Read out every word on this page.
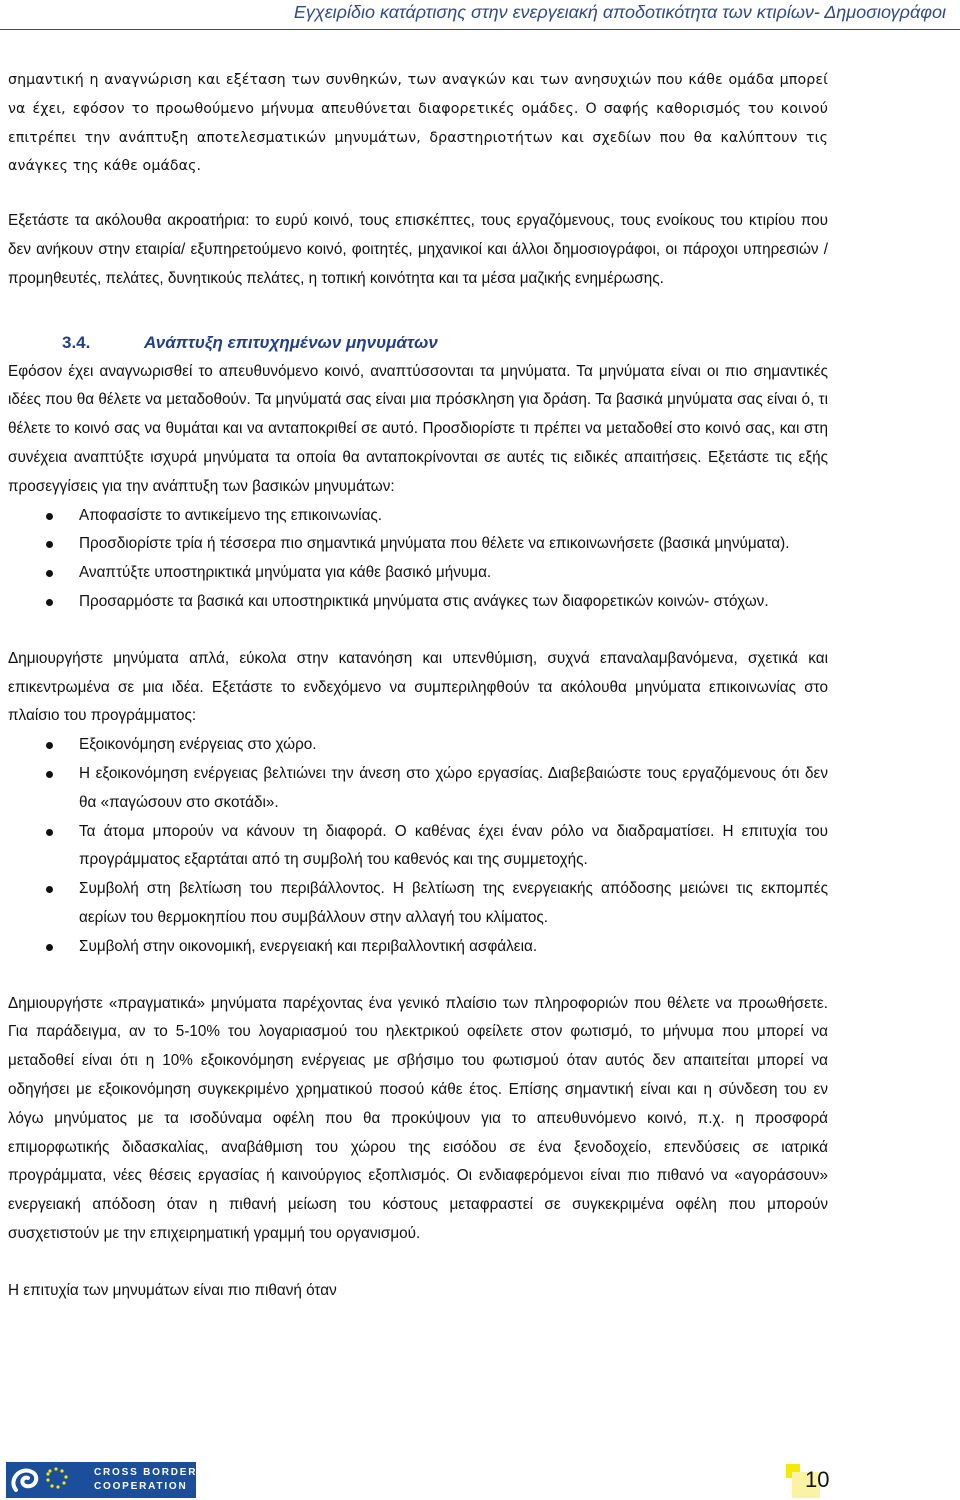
Εγχειρίδιο κατάρτισης στην ενεργειακή αποδοτικότητα των κτιρίων- Δημοσιογράφοι

σημαντική η αναγνώριση και εξέταση των συνθηκών, των αναγκών και των ανησυχιών που κάθε ομάδα μπορεί να έχει, εφόσον το προωθούμενο μήνυμα απευθύνεται διαφορετικές ομάδες. Ο σαφής καθορισμός του κοινού επιτρέπει την ανάπτυξη αποτελεσματικών μηνυμάτων, δραστηριοτήτων και σχεδίων που θα καλύπτουν τις ανάγκες της κάθε ομάδας.

Εξετάστε τα ακόλουθα ακροατήρια: το ευρύ κοινό, τους επισκέπτες, τους εργαζόμενους, τους ενοίκους του κτιρίου που δεν ανήκουν στην εταιρία/ εξυπηρετούμενο κοινό, φοιτητές, μηχανικοί και άλλοι δημοσιογράφοι, οι πάροχοι υπηρεσιών / προμηθευτές, πελάτες, δυνητικούς πελάτες, η τοπική κοινότητα και τα μέσα μαζικής ενημέρωσης.

3.4.	Ανάπτυξη επιτυχημένων μηνυμάτων

Εφόσον έχει αναγνωρισθεί το απευθυνόμενο κοινό, αναπτύσσονται τα μηνύματα. Τα μηνύματα είναι οι πιο σημαντικές ιδέες που θα θέλετε να μεταδοθούν. Τα μηνύματά σας είναι μια πρόσκληση για δράση. Τα βασικά μηνύματα σας είναι ό, τι θέλετε το κοινό σας να θυμάται και να ανταποκριθεί σε αυτό. Προσδιορίστε τι πρέπει να μεταδοθεί στο κοινό σας, και στη συνέχεια αναπτύξτε ισχυρά μηνύματα τα οποία θα ανταποκρίνονται σε αυτές τις ειδικές απαιτήσεις. Εξετάστε τις εξής προσεγγίσεις για την ανάπτυξη των βασικών μηνυμάτων:

Αποφασίστε το αντικείμενο της επικοινωνίας.
Προσδιορίστε τρία ή τέσσερα πιο σημαντικά μηνύματα που θέλετε να επικοινωνήσετε (βασικά μηνύματα).
Αναπτύξτε υποστηρικτικά μηνύματα για κάθε βασικό μήνυμα.
Προσαρμόστε τα βασικά και υποστηρικτικά μηνύματα στις ανάγκες των διαφορετικών κοινών- στόχων.

Δημιουργήστε μηνύματα απλά, εύκολα στην κατανόηση και υπενθύμιση, συχνά επαναλαμβανόμενα, σχετικά και επικεντρωμένα σε μια ιδέα. Εξετάστε το ενδεχόμενο να συμπεριληφθούν τα ακόλουθα μηνύματα επικοινωνίας στο πλαίσιο του προγράμματος:

Εξοικονόμηση ενέργειας στο χώρο.
Η εξοικονόμηση ενέργειας βελτιώνει την άνεση στο χώρο εργασίας. Διαβεβαιώστε τους εργαζόμενους ότι δεν θα «παγώσουν στο σκοτάδι».
Τα άτομα μπορούν να κάνουν τη διαφορά. Ο καθένας έχει έναν ρόλο να διαδραματίσει. Η επιτυχία του προγράμματος εξαρτάται από τη συμβολή του καθενός και της συμμετοχής.
Συμβολή στη βελτίωση του περιβάλλοντος. Η βελτίωση της ενεργειακής απόδοσης μειώνει τις εκπομπές αερίων του θερμοκηπίου που συμβάλλουν στην αλλαγή του κλίματος.
Συμβολή στην οικονομική, ενεργειακή και περιβαλλοντική ασφάλεια.

Δημιουργήστε «πραγματικά» μηνύματα παρέχοντας ένα γενικό πλαίσιο των πληροφοριών που θέλετε να προωθήσετε. Για παράδειγμα, αν το 5-10% του λογαριασμού του ηλεκτρικού οφείλετε στον φωτισμό, το μήνυμα που μπορεί να μεταδοθεί είναι ότι η 10% εξοικονόμηση ενέργειας με σβήσιμο του φωτισμού όταν αυτός δεν απαιτείται μπορεί να οδηγήσει με εξοικονόμηση συγκεκριμένο χρηματικού ποσού κάθε έτος. Επίσης σημαντική είναι και η σύνδεση του εν λόγω μηνύματος με τα ισοδύναμα οφέλη που θα προκύψουν για το απευθυνόμενο κοινό, π.χ. η προσφορά επιμορφωτικής διδασκαλίας, αναβάθμιση του χώρου της εισόδου σε ένα ξενοδοχείο, επενδύσεις σε ιατρικά προγράμματα, νέες θέσεις εργασίας ή καινούργιος εξοπλισμός. Οι ενδιαφερόμενοι είναι πιο πιθανό να «αγοράσουν» ενεργειακή απόδοση όταν η πιθανή μείωση του κόστους μεταφραστεί σε συγκεκριμένα οφέλη που μπορούν συσχετιστούν με την επιχειρηματική γραμμή του οργανισμού.

Η επιτυχία των μηνυμάτων είναι πιο πιθανή όταν

CROSS BORDER
COOPERATION	10
